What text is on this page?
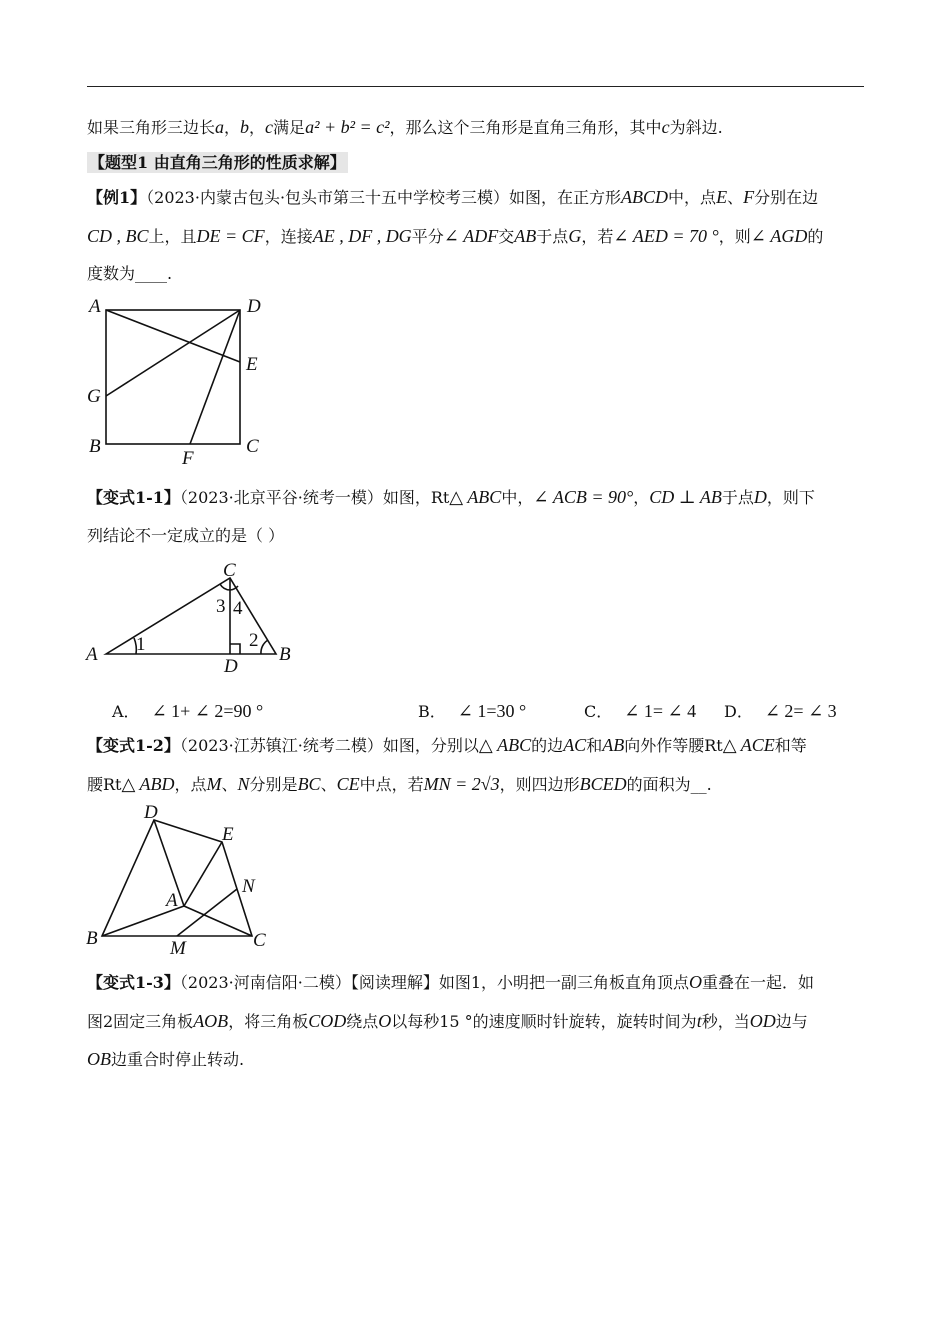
如果三角形三边长a，b，c满足a² + b² = c²，那么这个三角形是直角三角形，其中c为斜边.
【题型1 由直角三角形的性质求解】
【例1】（2023·内蒙古包头·包头市第三十五中学校考三模）如图，在正方形ABCD中，点E、F分别在边
CD , BC上，且DE = CF，连接AE , DF , DG平分∠ ADF交AB于点G，若∠ AED = 70 °，则∠ AGD的
度数为____.
A	D
E
G
B	C
F
【变式1-1】（2023·北京平谷·统考一模）如图，Rt△ ABC中，∠ ACB = 90°，CD ⊥ AB于点D，则下
列结论不一定成立的是（ ）
C
A	B
D
1	2
3 4
A． ∠ 1+ ∠ 2=90 °	B． ∠ 1=30 °	C． ∠ 1= ∠ 4 D． ∠ 2= ∠ 3
【变式1-2】（2023·江苏镇江·统考二模）如图，分别以△ ABC的边AC和AB向外作等腰Rt△ ACE和等
腰Rt△ ABD，点M、N分别是BC、CE中点，若MN = 2√3，则四边形BCED的面积为__.
D
E
N
A
B	C
M
【变式1-3】（2023·河南信阳·二模）【阅读理解】如图1，小明把一副三角板直角顶点O重叠在一起．如
图2固定三角板AOB，将三角板COD绕点O以每秒15 °的速度顺时针旋转，旋转时间为t秒，当OD边与
OB边重合时停止转动.
